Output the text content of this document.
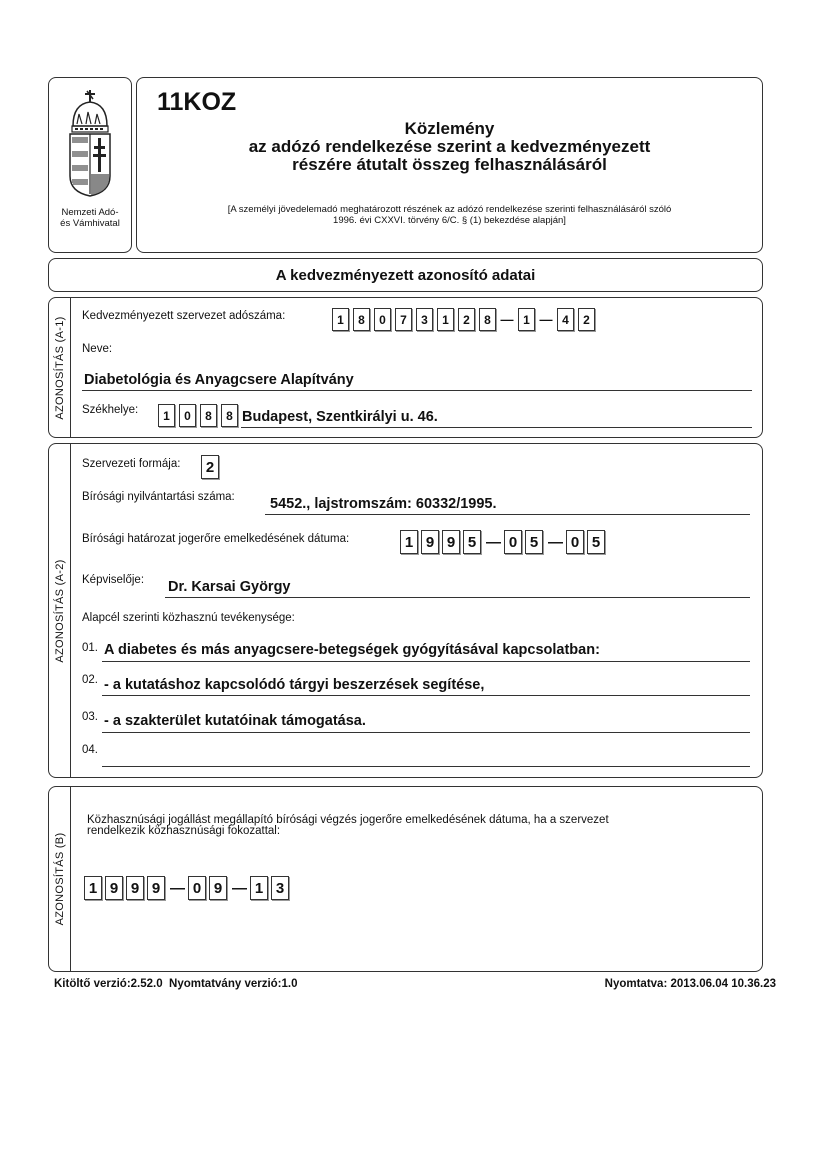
Nemzeti Adó-
és Vámhivatal
11KOZ
Közlemény
az adózó rendelkezése szerint a kedvezményezett
részére átutalt összeg felhasználásáról
[A személyi jövedelemadó meghatározott részének az adózó rendelkezése szerinti felhasználásáról szóló
1996. évi CXXVI. törvény 6/C. § (1) bekezdése alapján]
A kedvezményezett azonosító adatai
AZONOSÍTÁS (A-1) Kedvezményezett szervezet adószáma:	1	8	0	7	3	1	2	8 — 1 — 4	2
Neve:
Diabetológia és Anyagcsere Alapítvány
Székhelye:	1	0	8	8 Budapest, Szentkirályi u. 46.
AZONOSÍTÁS (A-2)
Szervezeti formája:	2
Bírósági nyilvántartási száma: 5452., lajstromszám: 60332/1995.
Bírósági határozat jogerőre emelkedésének dátuma:	1 9 9 5 — 0 5 — 0 5
Képviselője: Dr. Karsai György
Alapcél szerinti közhasznú tevékenysége:
01. A diabetes és más anyagcsere-betegségek gyógyításával kapcsolatban:
02. - a kutatáshoz kapcsolódó tárgyi beszerzések segítése,
03. - a szakterület kutatóinak támogatása.
04.
AZONOSÍTÁS (B)
Közhasznúsági jogállást megállapító bírósági végzés jogerőre emelkedésének dátuma, ha a szervezet
rendelkezik közhasznúsági fokozattal:
1 9 9 9 — 0 9 — 1 3
Kitöltő verzió:2.52.0  Nyomtatvány verzió:1.0	Nyomtatva: 2013.06.04 10.36.23
